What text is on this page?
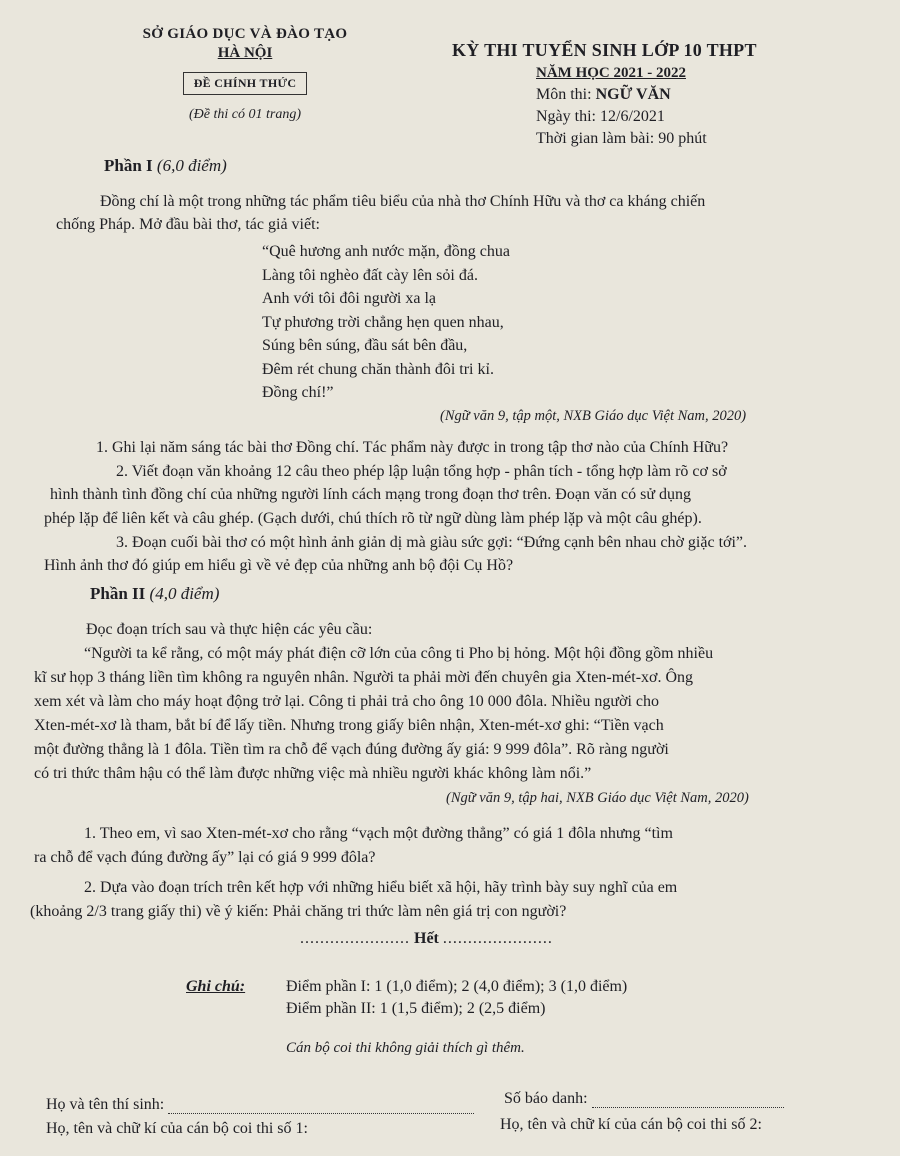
SỞ GIÁO DỤC VÀ ĐÀO TẠO
HÀ NỘI
ĐỀ CHÍNH THỨC
(Đề thi có 01 trang)
KỲ THI TUYỂN SINH LỚP 10 THPT
NĂM HỌC 2021 - 2022
Môn thi: NGỮ VĂN
Ngày thi: 12/6/2021
Thời gian làm bài: 90 phút
Phần I (6,0 điểm)
Đồng chí là một trong những tác phẩm tiêu biểu của nhà thơ Chính Hữu và thơ ca kháng chiến
chống Pháp. Mở đầu bài thơ, tác giả viết:
“Quê hương anh nước mặn, đồng chua
Làng tôi nghèo đất cày lên sỏi đá.
Anh với tôi đôi người xa lạ
Tự phương trời chẳng hẹn quen nhau,
Súng bên súng, đầu sát bên đầu,
Đêm rét chung chăn thành đôi tri kỉ.
Đồng chí!”
(Ngữ văn 9, tập một, NXB Giáo dục Việt Nam, 2020)
1. Ghi lại năm sáng tác bài thơ Đồng chí. Tác phẩm này được in trong tập thơ nào của Chính Hữu?
2. Viết đoạn văn khoảng 12 câu theo phép lập luận tổng hợp - phân tích - tổng hợp làm rõ cơ sở
hình thành tình đồng chí của những người lính cách mạng trong đoạn thơ trên. Đoạn văn có sử dụng
phép lặp để liên kết và câu ghép. (Gạch dưới, chú thích rõ từ ngữ dùng làm phép lặp và một câu ghép).
3. Đoạn cuối bài thơ có một hình ảnh giản dị mà giàu sức gợi: “Đứng cạnh bên nhau chờ giặc tới”.
Hình ảnh thơ đó giúp em hiểu gì về vẻ đẹp của những anh bộ đội Cụ Hồ?
Phần II (4,0 điểm)
Đọc đoạn trích sau và thực hiện các yêu cầu:
“Người ta kể rằng, có một máy phát điện cỡ lớn của công ti Pho bị hỏng. Một hội đồng gồm nhiều
kĩ sư họp 3 tháng liền tìm không ra nguyên nhân. Người ta phải mời đến chuyên gia Xten-mét-xơ. Ông
xem xét và làm cho máy hoạt động trở lại. Công ti phải trả cho ông 10 000 đôla. Nhiều người cho
Xten-mét-xơ là tham, bắt bí để lấy tiền. Nhưng trong giấy biên nhận, Xten-mét-xơ ghi: “Tiền vạch
một đường thẳng là 1 đôla. Tiền tìm ra chỗ để vạch đúng đường ấy giá: 9 999 đôla”. Rõ ràng người
có tri thức thâm hậu có thể làm được những việc mà nhiều người khác không làm nổi.”
(Ngữ văn 9, tập hai, NXB Giáo dục Việt Nam, 2020)
1. Theo em, vì sao Xten-mét-xơ cho rằng “vạch một đường thẳng” có giá 1 đôla nhưng “tìm
ra chỗ để vạch đúng đường ấy” lại có giá 9 999 đôla?
2. Dựa vào đoạn trích trên kết hợp với những hiểu biết xã hội, hãy trình bày suy nghĩ của em
(khoảng 2/3 trang giấy thi) về ý kiến: Phải chăng tri thức làm nên giá trị con người?
...................... Hết ......................
Ghi chú:	Điểm phần I: 1 (1,0 điểm); 2 (4,0 điểm); 3 (1,0 điểm)
Điểm phần II: 1 (1,5 điểm); 2 (2,5 điểm)
Cán bộ coi thi không giải thích gì thêm.
Họ và tên thí sinh:	Số báo danh:
Họ, tên và chữ kí của cán bộ coi thi số 1:	Họ, tên và chữ kí của cán bộ coi thi số 2:
